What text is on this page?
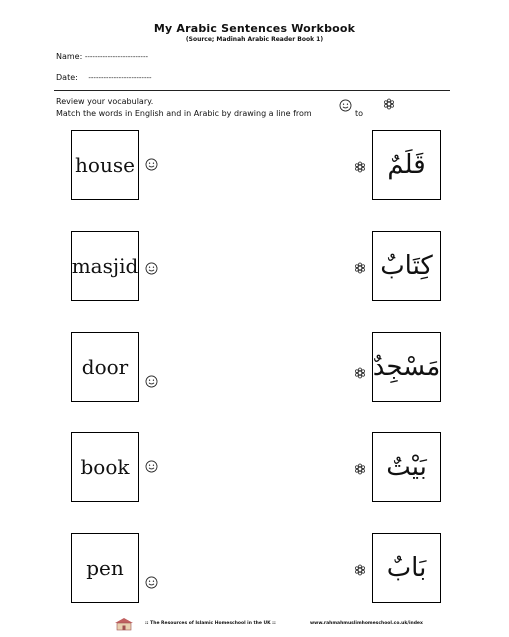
My Arabic Sentences Workbook
(Source; Madinah Arabic Reader Book 1)
Name: -------------------------
Date: -------------------------
Review your vocabulary.
Match the words in English and in Arabic by drawing a line from	to
house	قَلَمٌ
masjid	كِتَابٌ
door	مَسْجِدٌ
book	بَيْتٌ
pen	بَابٌ
:: The Resources of Islamic Homeschool in the UK ::	www.rahmahmuslimhomeschool.co.uk/index
